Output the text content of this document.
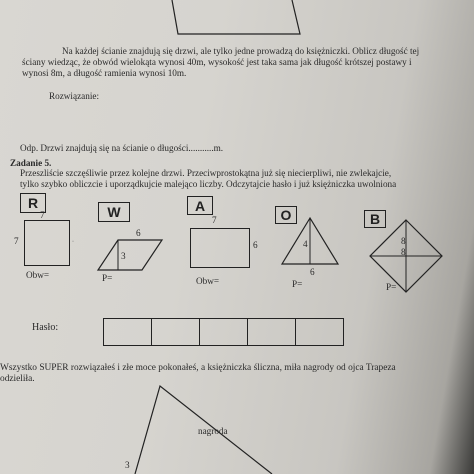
Na każdej ścianie znajdują się drzwi, ale tylko jedne prowadzą do księżniczki. Oblicz długość tej
ściany wiedząc, że obwód wielokąta wynosi 40m, wysokość jest taka sama jak długość krótszej postawy i
wynosi 8m, a długość ramienia wynosi 10m.
Rozwiązanie:
Odp. Drzwi znajdują się na ścianie o długości...........m.
Zadanie 5.
Przeszliście szczęśliwie przez kolejne drzwi. Przeciwprostokątna już się niecierpliwi, nie zwlekajcie,
tylko szybko obliczcie i uporządkujcie malejąco liczby. Odczytajcie hasło i już księżniczka uwolniona
R
7
7	·
Obw=
W
6
3
P=
A
7
6
Obw=
O
4
6
P=
B
8
8
P=
Hasło:
Wszystko SUPER rozwiązałeś i złe moce pokonałeś, a księżniczka śliczna, miła nagrody od ojca Trapeza
odzieliła.
nagroda
3
